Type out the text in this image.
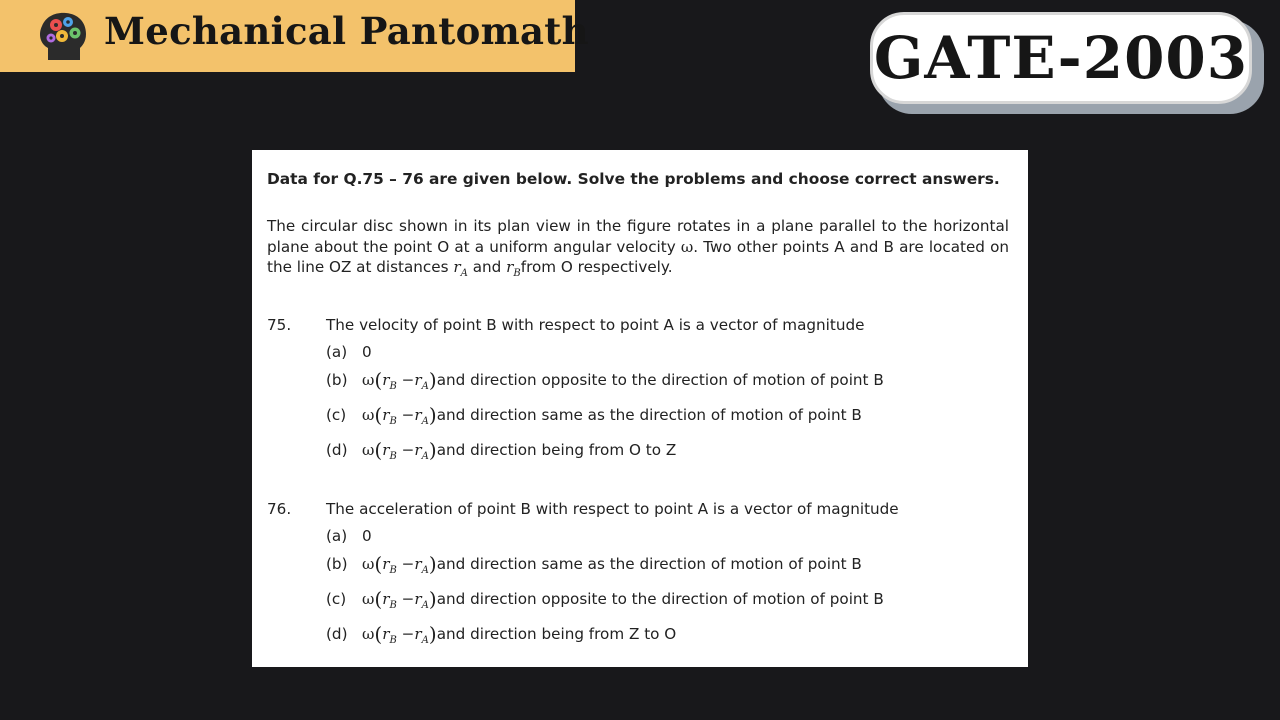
Mechanical Pantomath	GATE-2003
Data for Q.75 – 76 are given below. Solve the problems and choose correct answers.
The circular disc shown in its plan view in the figure rotates in a plane parallel to the horizontal plane about the point O at a uniform angular velocity ω. Two other points A and B are located on the line OZ at distances $r_A$ and $r_Bfrom$ O respectively.
75. The velocity of point B with respect to point A is a vector of magnitude
(a) 0
(b) $\omega(r_B -r_A)and$ direction opposite to the direction of motion of point B
(c) $\omega(r_B -r_A)and$ direction same as the direction of motion of point B
(d) $\omega(r_B -r_A)and$ direction being from O to Z
76. The acceleration of point B with respect to point A is a vector of magnitude
(a) 0
(b) $\omega(r_B -r_A)and$ direction same as the direction of motion of point B
(c) $\omega(r_B -r_A)and$ direction opposite to the direction of motion of point B
(d) $\omega(r_B -r_A)and$ direction being from Z to O
